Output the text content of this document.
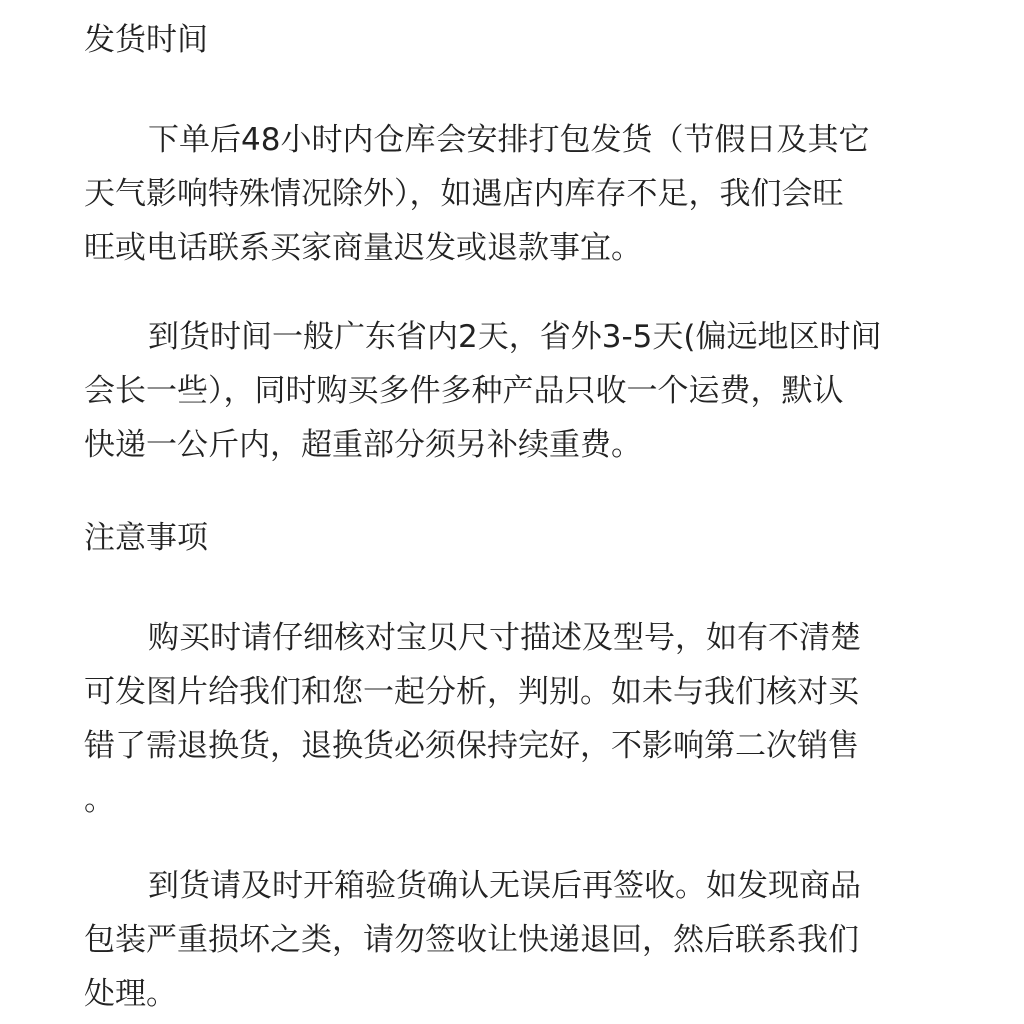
发货时间
下单后48小时内仓库会安排打包发货（节假日及其它
天气影响特殊情况除外），如遇店内库存不足，我们会旺
旺或电话联系买家商量迟发或退款事宜。
到货时间一般广东省内2天，省外3-5天(偏远地区时间
会长一些），同时购买多件多种产品只收一个运费，默认
快递一公斤内，超重部分须另补续重费。
注意事项
购买时请仔细核对宝贝尺寸描述及型号，如有不清楚
可发图片给我们和您一起分析，判别。如未与我们核对买
错了需退换货，退换货必须保持完好，不影响第二次销售
。
到货请及时开箱验货确认无误后再签收。如发现商品
包装严重损坏之类，请勿签收让快递退回，然后联系我们
处理。
